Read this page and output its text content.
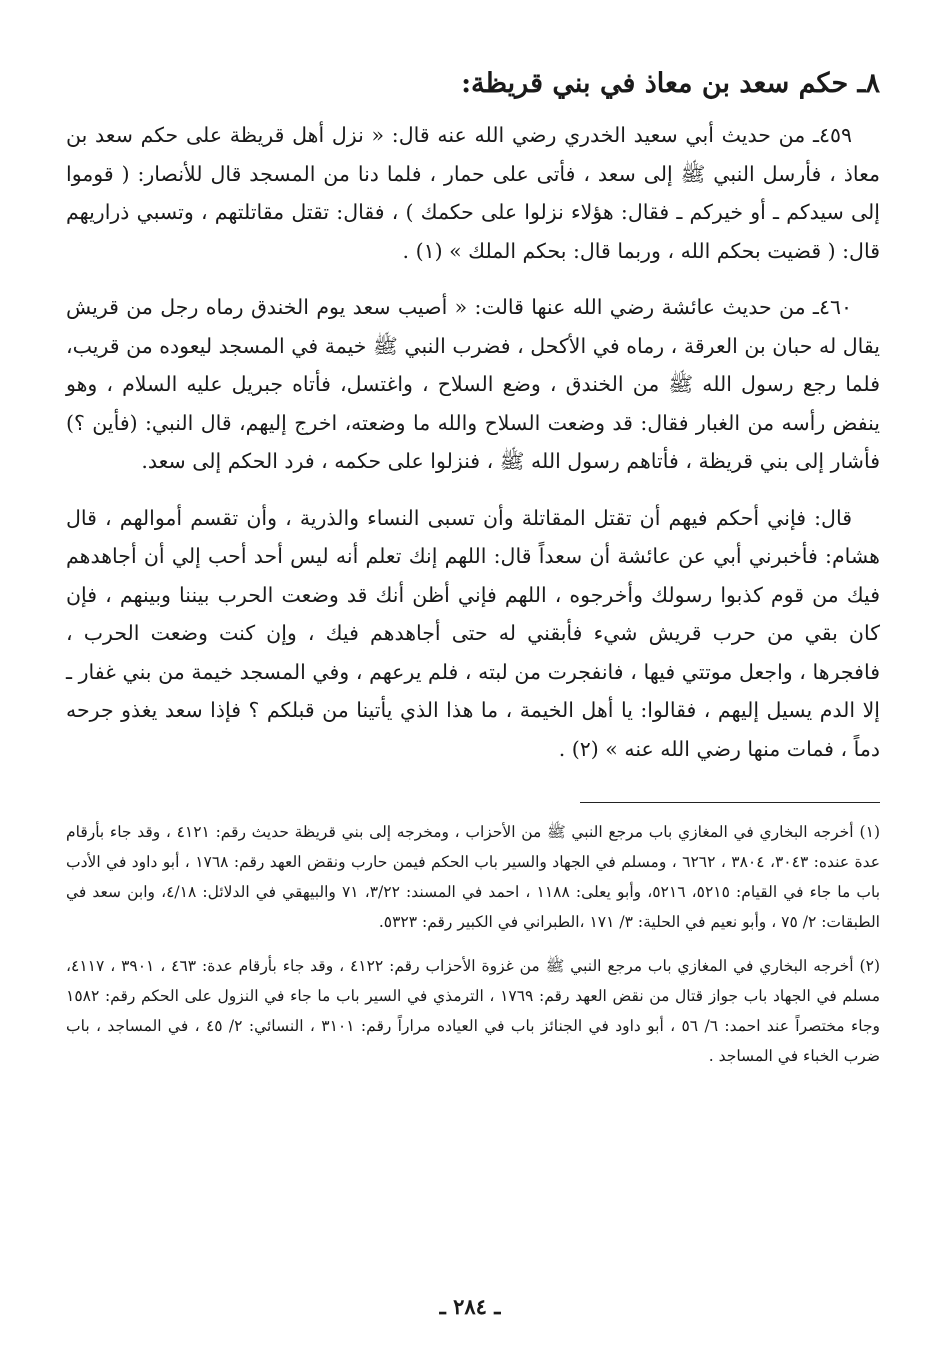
٨ـ حكم سعد بن معاذ في بني قريظة:

٤٥٩ـ من حديث أبي سعيد الخدري رضي الله عنه قال: « نزل أهل قريظة على حكم سعد بن معاذ ، فأرسل النبي ﷺ إلى سعد ، فأتى على حمار ، فلما دنا من المسجد قال للأنصار: ( قوموا إلى سيدكم ـ أو خيركم ـ فقال: هؤلاء نزلوا على حكمك ) ، فقال: تقتل مقاتلتهم ، وتسبي ذراريهم قال: ( قضيت بحكم الله ، وربما قال: بحكم الملك » (١) .

٤٦٠ـ من حديث عائشة رضي الله عنها قالت: « أصيب سعد يوم الخندق رماه رجل من قريش يقال له حبان بن العرقة ، رماه في الأكحل ، فضرب النبي ﷺ خيمة في المسجد ليعوده من قريب، فلما رجع رسول الله ﷺ من الخندق ، وضع السلاح ، واغتسل، فأتاه جبريل عليه السلام ، وهو ينفض رأسه من الغبار فقال: قد وضعت السلاح والله ما وضعته، اخرج إليهم، قال النبي: (فأين ؟) فأشار إلى بني قريظة ، فأتاهم رسول الله ﷺ ، فنزلوا على حكمه ، فرد الحكم إلى سعد.

قال: فإني أحكم فيهم أن تقتل المقاتلة وأن تسبى النساء والذرية ، وأن تقسم أموالهم ، قال هشام: فأخبرني أبي عن عائشة أن سعداً قال: اللهم إنك تعلم أنه ليس أحد أحب إلي أن أجاهدهم فيك من قوم كذبوا رسولك وأخرجوه ، اللهم فإني أظن أنك قد وضعت الحرب بيننا وبينهم ، فإن كان بقي من حرب قريش شيء فأبقني له حتى أجاهدهم فيك ، وإن كنت وضعت الحرب ، فافجرها ، واجعل موتتي فيها ، فانفجرت من لبته ، فلم يرعهم ، وفي المسجد خيمة من بني غفار ـ إلا الدم يسيل إليهم ، فقالوا: يا أهل الخيمة ، ما هذا الذي يأتينا من قبلكم ؟ فإذا سعد يغذو جرحه دماً ، فمات منها رضي الله عنه » (٢) .

(١)أخرجه البخاري في المغازي باب مرجع النبي ﷺ من الأحزاب ، ومخرجه إلى بني قريظة حديث رقم: ٤١٢١ ، وقد جاء بأرقام عدة عنده: ٣٠٤٣، ٣٨٠٤ ، ٦٢٦٢ ، ومسلم في الجهاد والسير باب الحكم فيمن حارب ونقض العهد رقم: ١٧٦٨ ، أبو داود في الأدب باب ما جاء في القيام: ٥٢١٥، ٥٢١٦، وأبو يعلى: ١١٨٨ ، احمد في المسند: ٣/٢٢، ٧١ والبيهقي في الدلائل: ٤/١٨، وابن سعد في الطبقات: ٢/ ٧٥ ، وأبو نعيم في الحلية: ٣/ ١٧١ ،الطبراني في الكبير رقم: ٥٣٢٣.

(٢)أخرجه البخاري في المغازي باب مرجع النبي ﷺ من غزوة الأحزاب رقم: ٤١٢٢ ، وقد جاء بأرقام عدة: ٤٦٣ ، ٣٩٠١ ، ٤١١٧، مسلم في الجهاد باب جواز قتال من نقض العهد رقم: ١٧٦٩ ، الترمذي في السير باب ما جاء في النزول على الحكم رقم: ١٥٨٢ وجاء مختصراً عند احمد: ٦/ ٥٦ ، أبو داود في الجنائز باب في العياده مراراً رقم: ٣١٠١ ، النسائي: ٢/ ٤٥ ، في المساجد ، باب ضرب الخباء في المساجد .

ـ ٢٨٤ ـ
